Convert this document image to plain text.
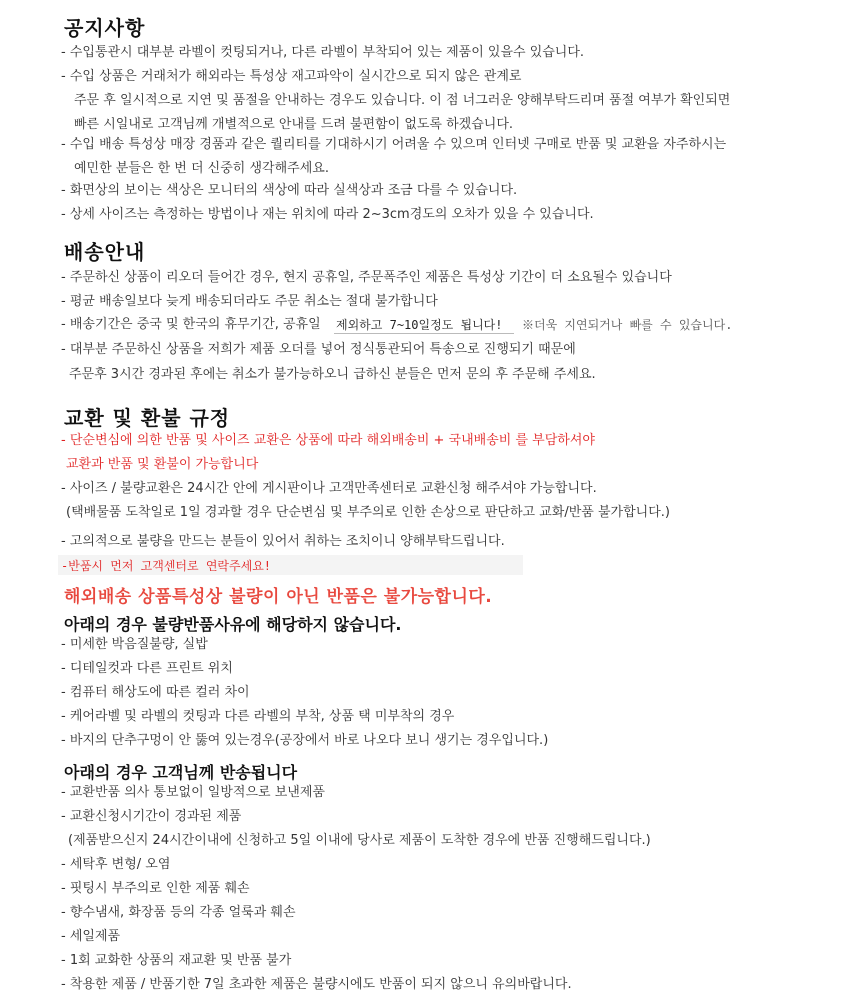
공지사항
- 수입통관시 대부분 라벨이 컷팅되거나, 다른 라벨이 부착되어 있는 제품이 있을수 있습니다.
- 수입 상품은 거래처가 해외라는 특성상 재고파악이 실시간으로 되지 않은 관계로
주문 후 일시적으로 지연 및 품절을 안내하는 경우도 있습니다. 이 점 너그러운 양해부탁드리며 품절 여부가 확인되면
빠른 시일내로 고객님께 개별적으로 안내를 드려 불편함이 없도록 하겠습니다.
- 수입 배송 특성상 매장 경품과 같은 퀄리티를 기대하시기 어려울 수 있으며 인터넷 구매로 반품 및 교환을 자주하시는
예민한 분들은 한 번 더 신중히 생각해주세요.
- 화면상의 보이는 색상은 모니터의 색상에 따라 실색상과 조금 다를 수 있습니다.
- 상세 사이즈는 측정하는 방법이나 재는 위치에 따라 2~3cm경도의 오차가 있을 수 있습니다.
배송안내
- 주문하신 상품이 리오더 들어간 경우, 현지 공휴일, 주문폭주인 제품은 특성상 기간이 더 소요될수 있습니다
- 평균 배송일보다 늦게 배송되더라도 주문 취소는 절대 불가합니다
- 배송기간은 중국 및 한국의 휴무기간, 공휴일 제외하고 7~10일정도 됩니다! ※더욱 지연되거나 빠를 수 있습니다.
- 대부분 주문하신 상품을 저희가 제품 오더를 넣어 정식통관되어 특송으로 진행되기 때문에
주문후 3시간 경과된 후에는 취소가 불가능하오니 급하신 분들은 먼저 문의 후 주문해 주세요.
교환 및 환불 규정
- 단순변심에 의한 반품 및 사이즈 교환은 상품에 따라 해외배송비 + 국내배송비 를 부담하셔야
교환과 반품 및 환불이 가능합니다
- 사이즈 / 불량교환은 24시간 안에 게시판이나 고객만족센터로 교환신청 해주셔야 가능합니다.
(택배물품 도착일로 1일 경과할 경우 단순변심 및 부주의로 인한 손상으로 판단하고 교화/반품 불가합니다.)
- 고의적으로 불량을 만드는 분들이 있어서 취하는 조치이니 양해부탁드립니다.
-반품시 먼저 고객센터로 연락주세요!
해외배송 상품특성상 불량이 아닌 반품은 불가능합니다.
아래의 경우 불량반품사유에 해당하지 않습니다.
- 미세한 박음질불량, 실밥
- 디테일컷과 다른 프린트 위치
- 컴퓨터 해상도에 따른 컬러 차이
- 케어라벨 및 라벨의 컷팅과 다른 라벨의 부착, 상품 택 미부착의 경우
- 바지의 단추구멍이 안 뚫여 있는경우(공장에서 바로 나오다 보니 생기는 경우입니다.)
아래의 경우 고객님께 반송됩니다
- 교환반품 의사 통보없이 일방적으로 보낸제품
- 교환신청시기간이 경과된 제품
(제품받으신지 24시간이내에 신청하고 5일 이내에 당사로 제품이 도착한 경우에 반품 진행해드립니다.)
- 세탁후 변형/ 오염
- 핏팅시 부주의로 인한 제품 훼손
- 향수냄새, 화장품 등의 각종 얼룩과 훼손
- 세일제품
- 1회 교화한 상품의 재교환 및 반품 불가
- 착용한 제품 / 반품기한 7일 초과한 제품은 불량시에도 반품이 되지 않으니 유의바랍니다.
